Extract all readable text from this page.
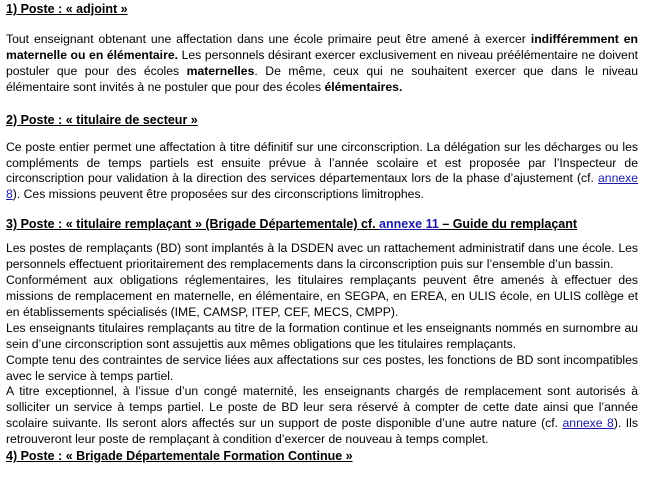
1) Poste : « adjoint »

Tout enseignant obtenant une affectation dans une école primaire peut être amené à exercer indifféremment en maternelle ou en élémentaire. Les personnels désirant exercer exclusivement en niveau préélémentaire ne doivent postuler que pour des écoles maternelles. De même, ceux qui ne souhaitent exercer que dans le niveau élémentaire sont invités à ne postuler que pour des écoles élémentaires.

2) Poste : « titulaire de secteur »

Ce poste entier permet une affectation à titre définitif sur une circonscription. La délégation sur les décharges ou les compléments de temps partiels est ensuite prévue à l’année scolaire et est proposée par l’Inspecteur de circonscription pour validation à la direction des services départementaux lors de la phase d’ajustement (cf. annexe 8). Ces missions peuvent être proposées sur des circonscriptions limitrophes.

3) Poste : « titulaire remplaçant » (Brigade Départementale) cf. annexe 11 – Guide du remplaçant

Les postes de remplaçants (BD) sont implantés à la DSDEN avec un rattachement administratif dans une école. Les personnels effectuent prioritairement des remplacements dans la circonscription puis sur l’ensemble d’un bassin.

Conformément aux obligations réglementaires, les titulaires remplaçants peuvent être amenés à effectuer des missions de remplacement en maternelle, en élémentaire, en SEGPA, en EREA, en ULIS école, en ULIS collège et en établissements spécialisés (IME, CAMSP, ITEP, CEF, MECS, CMPP).

Les enseignants titulaires remplaçants au titre de la formation continue et les enseignants nommés en surnombre au sein d’une circonscription sont assujettis aux mêmes obligations que les titulaires remplaçants.

Compte tenu des contraintes de service liées aux affectations sur ces postes, les fonctions de BD sont incompatibles avec le service à temps partiel.

A titre exceptionnel, à l’issue d’un congé maternité, les enseignants chargés de remplacement sont autorisés à solliciter un service à temps partiel. Le poste de BD leur sera réservé à compter de cette date ainsi que l’année scolaire suivante. Ils seront alors affectés sur un support de poste disponible d’une autre nature (cf. annexe 8). Ils retrouveront leur poste de remplaçant à condition d’exercer de nouveau à temps complet.

4) Poste : « Brigade Départementale Formation Continue »
